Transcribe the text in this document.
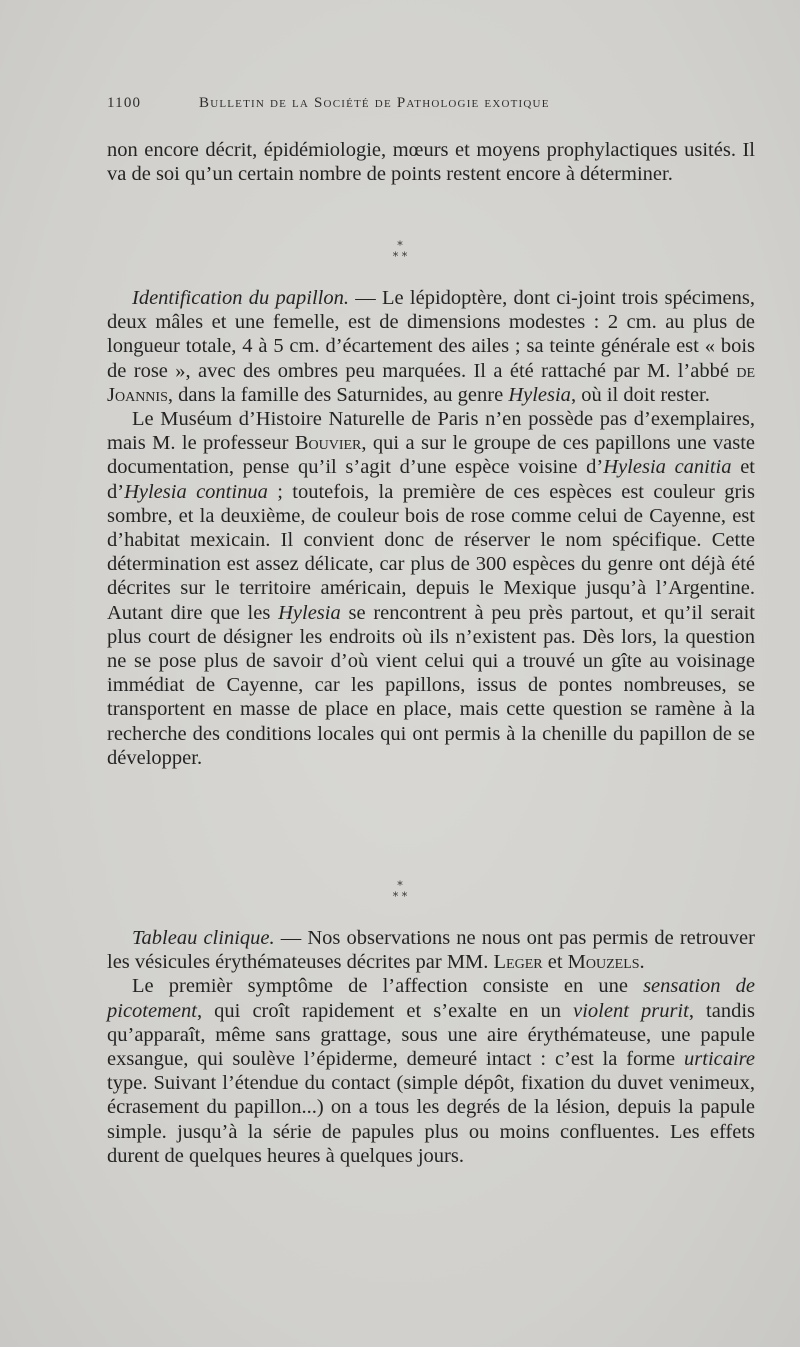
1100	Bulletin de la Société de Pathologie exotique

non encore décrit, épidémiologie, mœurs et moyens prophylactiques usités. Il va de soi qu’un certain nombre de points restent encore à déterminer.

*
* *

Identification du papillon. — Le lépidoptère, dont ci-joint trois spécimens, deux mâles et une femelle, est de dimensions modestes : 2 cm. au plus de longueur totale, 4 à 5 cm. d’écartement des ailes ; sa teinte générale est « bois de rose », avec des ombres peu marquées. Il a été rattaché par M. l’abbé de Joannis, dans la famille des Saturnides, au genre Hylesia, où il doit rester.

Le Muséum d’Histoire Naturelle de Paris n’en possède pas d’exemplaires, mais M. le professeur Bouvier, qui a sur le groupe de ces papillons une vaste documentation, pense qu’il s’agit d’une espèce voisine d’Hylesia canitia et d’Hylesia continua ; toutefois, la première de ces espèces est couleur gris sombre, et la deuxième, de couleur bois de rose comme celui de Cayenne, est d’habitat mexicain. Il convient donc de réserver le nom spécifique. Cette détermination est assez délicate, car plus de 300 espèces du genre ont déjà été décrites sur le territoire américain, depuis le Mexique jusqu’à l’Argentine. Autant dire que les Hylesia se rencontrent à peu près partout, et qu’il serait plus court de désigner les endroits où ils n’existent pas. Dès lors, la question ne se pose plus de savoir d’où vient celui qui a trouvé un gîte au voisinage immédiat de Cayenne, car les papillons, issus de pontes nombreuses, se transportent en masse de place en place, mais cette question se ramène à la recherche des conditions locales qui ont permis à la chenille du papillon de se développer.

*
* *

Tableau clinique. — Nos observations ne nous ont pas permis de retrouver les vésicules érythémateuses décrites par MM. Leger et Mouzels.

Le premièr symptôme de l’affection consiste en une sensation de picotement, qui croît rapidement et s’exalte en un violent prurit, tandis qu’apparaît, même sans grattage, sous une aire érythémateuse, une papule exsangue, qui soulève l’épiderme, demeuré intact : c’est la forme urticaire type. Suivant l’étendue du contact (simple dépôt, fixation du duvet venimeux, écrasement du papillon...) on a tous les degrés de la lésion, depuis la papule simple. jusqu’à la série de papules plus ou moins confluentes. Les effets durent de quelques heures à quelques jours.
